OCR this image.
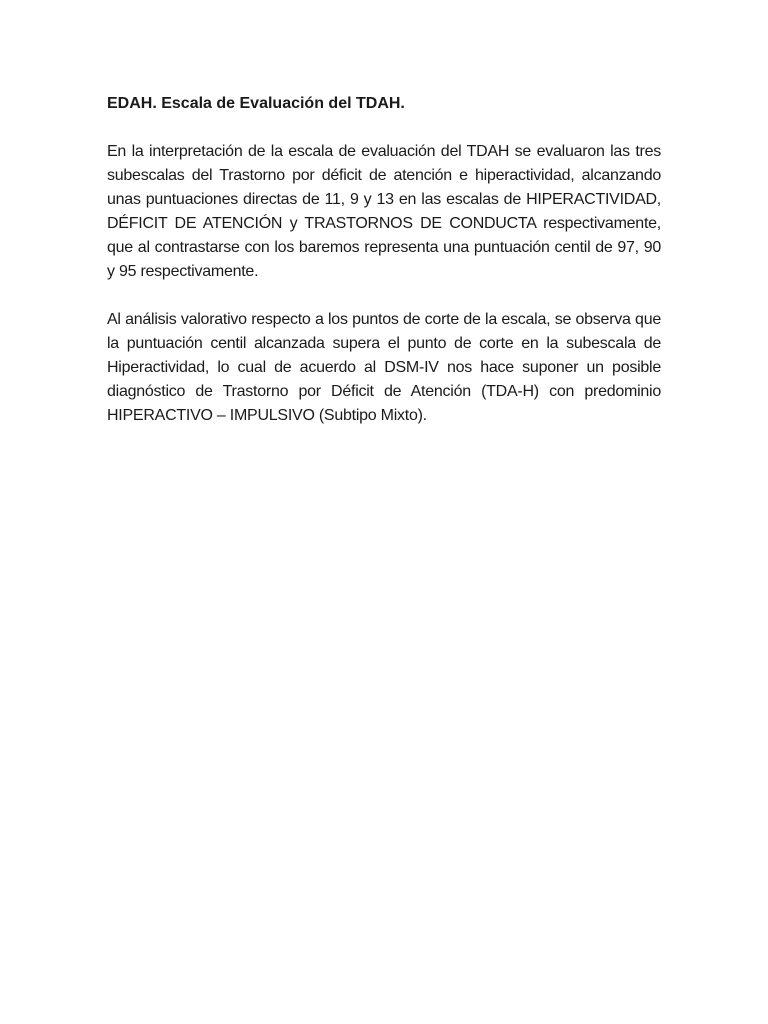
EDAH. Escala de Evaluación del TDAH.

En la interpretación de la escala de evaluación del TDAH se evaluaron las tres subescalas del Trastorno por déficit de atención e hiperactividad, alcanzando unas puntuaciones directas de 11, 9 y 13 en las escalas de HIPERACTIVIDAD, DÉFICIT DE ATENCIÓN y TRASTORNOS DE CONDUCTA respectivamente, que al contrastarse con los baremos representa una puntuación centil de 97, 90 y 95 respectivamente.

Al análisis valorativo respecto a los puntos de corte de la escala, se observa que la puntuación centil alcanzada supera el punto de corte en la subescala de Hiperactividad, lo cual de acuerdo al DSM-IV nos hace suponer un posible diagnóstico de Trastorno por Déficit de Atención (TDA-H) con predominio HIPERACTIVO – IMPULSIVO (Subtipo Mixto).
